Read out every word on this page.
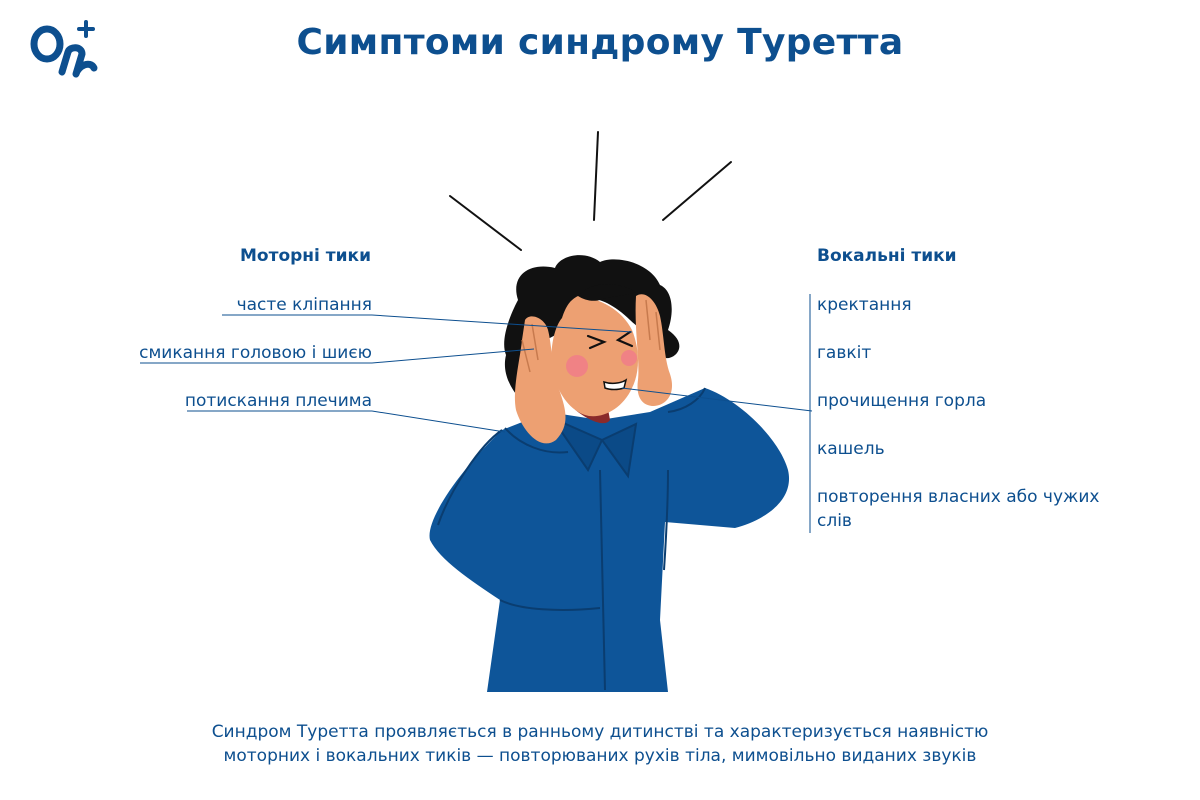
Симптоми синдрому Туретта
Моторні тики
часте кліпання
смикання головою і шиєю
потискання плечима
Вокальні тики
кректання
гавкіт
прочищення горла
кашель
повторення власних або чужих слів

Синдром Туретта проявляється в ранньому дитинстві та характеризується наявністю
моторних і вокальних тиків — повторюваних рухів тіла, мимовільно виданих звуків
